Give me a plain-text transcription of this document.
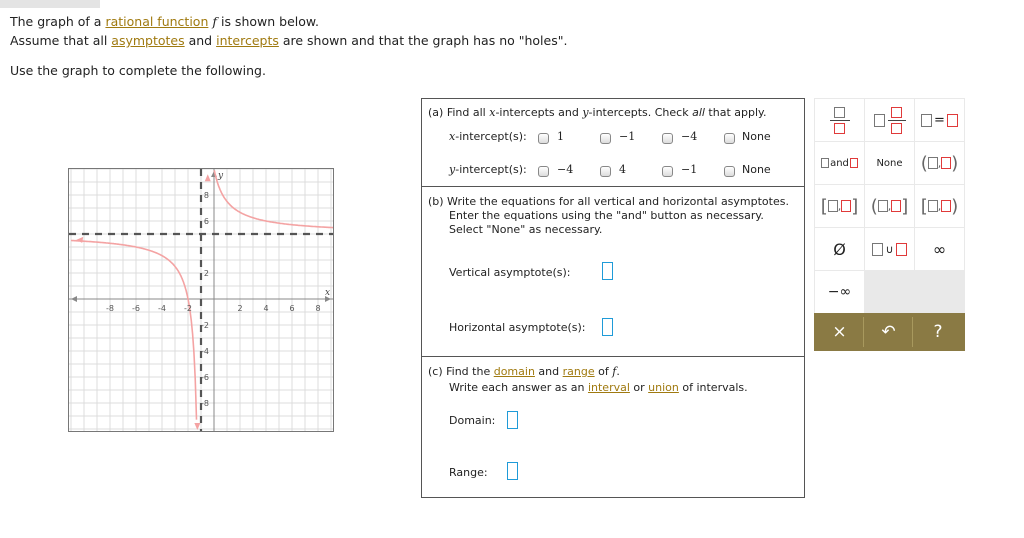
The graph of a rational function f is shown below.
Assume that all asymptotes and intercepts are shown and that the graph has no "holes".
Use the graph to complete the following.
-8 -6 -4 -2	2	4	6	8
8
6
2
-2
-4
-6
-8
x
y
(a) Find all x-intercepts and y-intercepts. Check all that apply.
x-intercept(s):	1	−1	−4	None
y-intercept(s):	−4	4	−1	None
(b) Write the equations for all vertical and horizontal asymptotes.
Enter the equations using the "and" button as necessary.
Select "None" as necessary.
Vertical asymptote(s):
Horizontal asymptote(s):
(c) Find the domain and range of f.
Write each answer as an interval or union of intervals.
Domain:
Range:
=
and	None	( , )
[ , ] ( , ] [ , )
Ø	∪	∞
−∞
× ↶ ?
